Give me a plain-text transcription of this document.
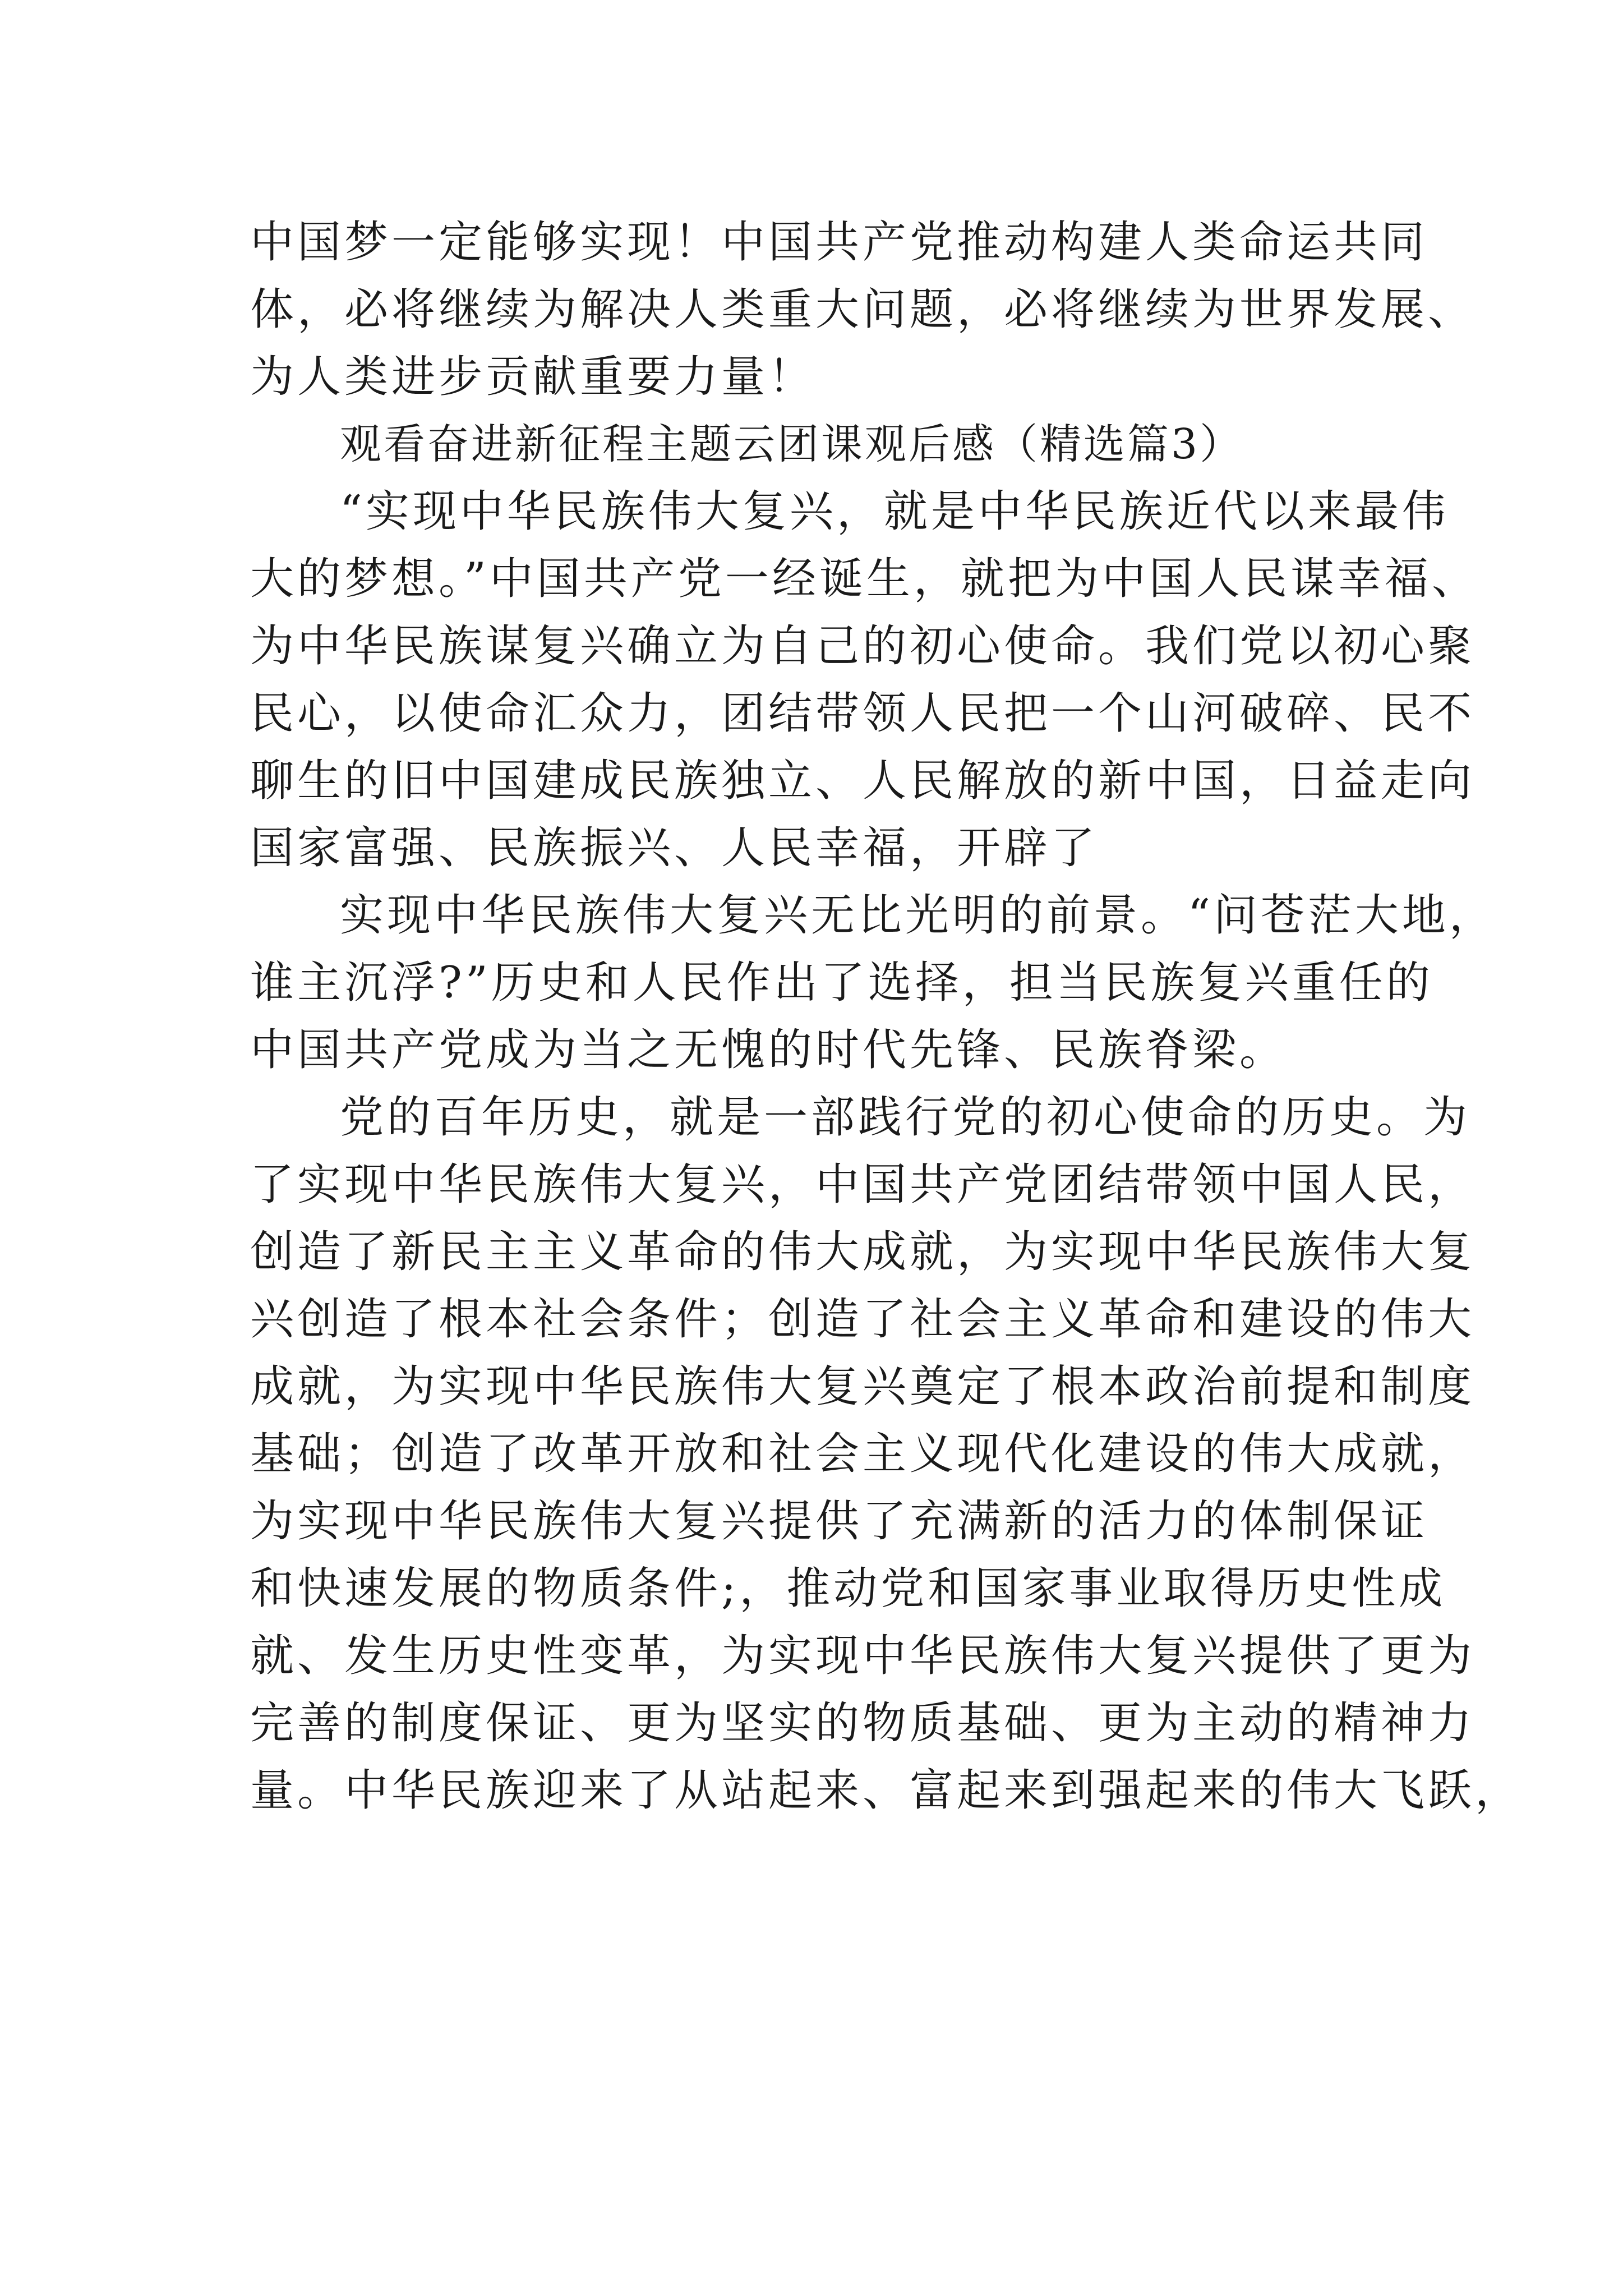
中国梦一定能够实现！中国共产党推动构建人类命运共同
体，必将继续为解决人类重大问题，必将继续为世界发展、
为人类进步贡献重要力量！
观看奋进新征程主题云团课观后感（精选篇3）
“实现中华民族伟大复兴，就是中华民族近代以来最伟
大的梦想。”中国共产党一经诞生，就把为中国人民谋幸福、
为中华民族谋复兴确立为自己的初心使命。我们党以初心聚
民心，以使命汇众力，团结带领人民把一个山河破碎、民不
聊生的旧中国建成民族独立、人民解放的新中国，日益走向
国家富强、民族振兴、人民幸福，开辟了
实现中华民族伟大复兴无比光明的前景。“问苍茫大地，
谁主沉浮?”历史和人民作出了选择，担当民族复兴重任的
中国共产党成为当之无愧的时代先锋、民族脊梁。
党的百年历史，就是一部践行党的初心使命的历史。为
了实现中华民族伟大复兴，中国共产党团结带领中国人民，
创造了新民主主义革命的伟大成就，为实现中华民族伟大复
兴创造了根本社会条件；创造了社会主义革命和建设的伟大
成就，为实现中华民族伟大复兴奠定了根本政治前提和制度
基础；创造了改革开放和社会主义现代化建设的伟大成就，
为实现中华民族伟大复兴提供了充满新的活力的体制保证
和快速发展的物质条件;，推动党和国家事业取得历史性成
就、发生历史性变革，为实现中华民族伟大复兴提供了更为
完善的制度保证、更为坚实的物质基础、更为主动的精神力
量。中华民族迎来了从站起来、富起来到强起来的伟大飞跃，
